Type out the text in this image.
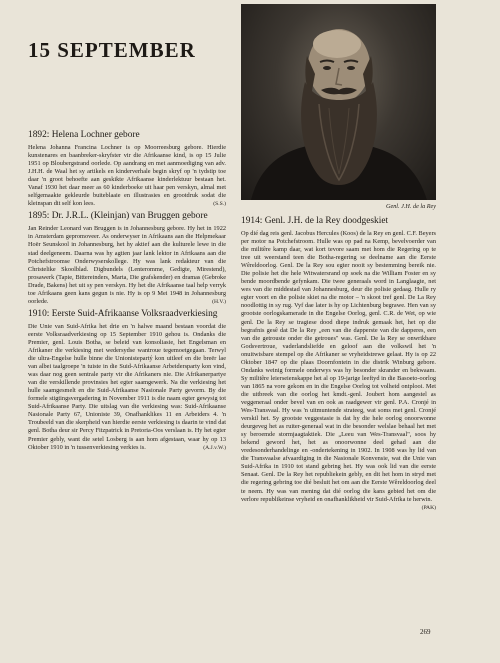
15 SEPTEMBER

1892: Helena Lochner gebore

Helena Johanna Francina Lochner is op Moorreesburg gebore. Hierdie kunstenares en baanbreker-skryfster vir die Afrikaanse kind, is op 15 Julie 1951 op Bloubergstrand oorlede. Op aandrang en met aanmoediging van adv. J.H.H. de Waal het sy artikels en kinderverhale begin skryf op 'n tydstip toe daar 'n groot behoefte aan geskikte Afrikaanse kinderlektuur bestaan het. Vanaf 1930 het daar meer as 60 kinderboeke uit haar pen verskyn, almal met selfgemaakte gekleurde buiteblaaie en illustrasies en grootdruk sodat die kleinspan dit self kon lees.	(S.S.)

1895: Dr. J.R.L. (Kleinjan) van Bruggen gebore

Jan Reinder Leonard van Bruggen is in Johannesburg gebore. Hy het in 1922 in Amsterdam gepromoveer. As onderwyser in Afrikaans aan die Helpmekaar Hoër Seunskool in Johannesburg, het hy aktief aan die kulturele lewe in die stad deelgeneem. Daarna was hy agtien jaar lank lektor in Afrikaans aan die Potchefstroomse Onderwyserskollege. Hy was lank redakteur van die Christelike Skoolblad. Digbundels (Lenteromme, Gedigte, Mirestend), prosawerk (Tapie, Bittereinders, Marta, Die grafskender) en dramas (Gebroke Drade, Bakens) het uit sy pen verskyn. Hy het die Afrikaanse taal help verryk toe Afrikaans geen kans gegun is nie. Hy is op 9 Mei 1948 in Johannesburg oorlede.	(H.V.)

1910: Eerste Suid-Afrikaanse Volksraadverkiesing

Die Unie van Suid-Afrika het drie en 'n halwe maand bestaan voordat die eerste Volksraadverkiesing op 15 September 1910 gehou is. Ondanks die Premier, genl. Louis Botha, se beleid van konsoliasie, het Engelsman en Afrikaner die verkiesing met wedersydse wantroue tegemoetgegaan. Terwyl die ultra-Engelse hulle binne die Unionistepartý kon uitleef en die breër lae van albei taalgroepe 'n tuiste in die Suid-Afrikaanse Arbeidersparty kon vind, was daar nog geen sentrale party vir die Afrikaners nie. Die Afrikanerpartye van die verskillende provinsies het egter saamgewerk. Na die verkiesing het hulle saamgesmelt en die Suid-Afrikaanse Nasionale Party gevorm. By die formele stigtingsvergadering in November 1911 is die naam egter gewysig tot Suid-Afrikaanse Party. Die uitslag van die verkiesing was: Suid-Afrikaanse Nasionale Party 67, Unioniste 39, Onafhanklikes 11 en Arbeiders 4. 'n Troubeeld van die skerpheid van hierdie eerste verkiesing is daarin te vind dat genl. Botha deur sir Percy Fitzpatrick in Pretoria-Oos verslaan is. Hy het egter Premier gebly, want die setel Losberg is aan hom afgestaan, waar hy op 13 Oktober 1910 in 'n tussenverkiesing verkies is.	(A.J.v.W.)

Genl. J.H. de la Rey

1914: Genl. J.H. de la Rey doodgeskiet

Op dié dag reis genl. Jacobus Hercules (Koos) de la Rey en genl. C.F. Beyers per motor na Potchefstroom. Hulle was op pad na Kemp, bevelvoerder van die militêre kamp daar, wat kort tevore saam met hom die Regering op te tree uit weerstand teen die Botha-regering se deelname aan die Eerste Wêreldoorlog. Genl. De la Rey sou egter nooit sy bestemming bereik nie. Die polisie het die hele Witwatersrand op soek na die William Foster en sy bende moordbende gefynkam. Die twee generaals word in Langlaagte, net wes van die middestad van Johannesburg, deur die polisie gedaag. Hulle ry egter voort en die polisie skiet na die motor – 'n skoot tref genl. De La Rey noodlottig in sy rug. Vyf dae later is hy op Lichtenburg begrawe. Hen van sy grootste oorlogskamerade in die Engelse Oorlog, genl. C.R. de Wet, op wie genl. De la Rey se tragiese dood diepe indruk gemaak het, het op die begrafnis gesê dat De la Rey „een van die dapperste van die dapperes, een van die getrouste onder die getroues" was. Genl. De la Rey se onwrikbare Godsvertroue, vaderlandsliefde en geloof aan die volkswil het 'n onuitwisbare stempel op die Afrikaner se vryheidstrewe gelaat. Hy is op 22 Oktober 1847 op die plaas Doornfontein in die distrik Winburg gebore. Ondanks weinig formele onderwys was hy besonder skrander en bekwaam. Sy militêre leierseienskappe het al op 19-jarige leeftyd in die Basoeto-oorlog van 1865 na vore gekom en in die Engelse Oorlog tot volheid ontplooi. Met die uitbreek van die oorlog het kmdt.-genl. Joubert hom aangestel as veggeneraal onder bevel van en ook as raadgewer vir genl. P.A. Cronjé in Wes-Transvaal. Hy was 'n uitmuntende strateeg, wat soms met genl. Cronjé verskil het. Sy grootste veggestasie is dat hy die hele oorlog onoorwonne deurgeveg het as ruiter-generaal wat in die besonder welslae behaal het met sy beroemde stormjaagtaktiek. Die „Leeu van Wes-Transvaal", soos hy bekend geword het, het as onoorwonne deel gehad aan die vredesonderhandelinge en -ondertekening in 1902. In 1908 was hy lid van die Transvaalse afvaardiging in die Nasionale Konvensie, wat die Unie van Suid-Afrika in 1910 tot stand gebring het. Hy was ook lid van die eerste Senaat. Genl. De la Rey het republiekein gebly, en dit het hom in stryd met die regering gebring toe dié besluit het om aan die Eerste Wêreldoorlog deel te neem. Hy was van mening dat dié oorlog die kans gebied het om die verlore republikeinse vryheid en onafhanklikheid vir Suid-Afrika te herwin.
(PAK)

269
